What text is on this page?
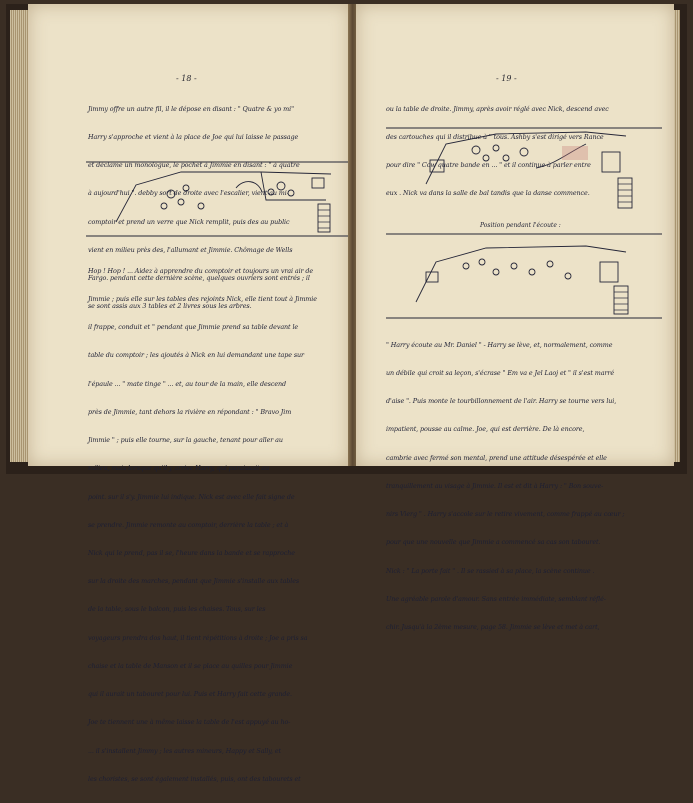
- 18 -

Jimmy offre un autre fil, il le dépose en disant : " Quatre & yo mi"

Harry s'approche et vient à la place de Joe qui lui laisse le passage

et déclame un monologue, le pochet à Jimmie en disant : " à quatre

à aujourd'hui ". debby sort de droite avec l'escalier, vient au mi-

comptoir et prend un verre que Nick remplit, puis des au public

vient en milieu près des, l'allumant et Jimmie. Chômage de Wells

Fargo. pendant cette dernière scène, quelques ouvriers sont entrés ; il

se sont assis aux 3 tables et 2 livres sous les arbres.

Hop ! Hop ! ... Aidez à apprendre du comptoir et toujours un vrai air de

Jimmie ; puis elle sur les tables des rejoints Nick, elle tient tout à Jimmie

il frappe, conduit et " pendant que Jimmie prend sa table devant le

table du comptoir ; les ajoutés à Nick en lui demandant une tape sur

l'épaule ... " mate tinge " ... et, au tour de la main, elle descend

près de Jimmie, tant dehors la rivière en répondant : " Bravo Jim

Jimmie " ; puis elle tourne, sur la gauche, tenant pour aller au

milieu, mais lorsque qu'il y arrive Harry, qui paraissait au

point. sur il s'y. Jimmie lui indique. Nick est avec elle fait signe de

se prendre. Jimmie remonte au comptoir, derrière la table ; et à

Nick qui le prend, pas il se, l'heure dans la bande et se rapproche

sur la droite des marches, pendant que Jimmie s'installe aux tables

de la table, sous le balcon, puis les chaises. Tous, sur les

voyageurs prendra dos haut, il tient répétitions à droite ; Joe a pris sa

chaise et la table de Manson et il se place au quilles pour Jimmie

qui il aurait un tabouret pour lui. Puis et Harry fait cette grande.

Joe te tiennent une à même laisse la table de l'est appuyé au ho-

... il s'installent Jimmy ; les autres mineurs, Happy et Sally, et

les choristes, se sont également installés, puis, ont des tabourets et

- 19 -

ou la table de droite. Jimmy, après avoir réglé avec Nick, descend avec

des cartouches qui il distribue à " tous. Ashby s'est dirigé vers Rance

pour dire " Cow quatre bande en ... " et il continue à parler entre

eux . Nick va dans la salle de bal tandis que la danse commence.

Position pendant l'écoute :

" Harry écoute au Mr. Daniel " - Harry se lève, et, normalement, comme

un débile qui croit sa leçon, s'écrase " Em va e Jel Laoj et " il s'est marré

d'aise ". Puis monte le tourbillonnement de l'air. Harry se tourne vers lui,

impatient, pousse au calme. Joe, qui est derrière. De là encore,

cambrie avec fermé son mental, prend une attitude désespérée et elle

tranquillement au visage à Jimmie. Il est et dit à Harry : " Bon souve-

nirs Vierg " . Harry s'accole sur le retire vivement, comme frappé au cœur ;

pour que une nouvelle que Jimmie a commencé sa cas son tabouret.

Nick : " La porte fait " . Il se rassied à sa place, la scène continue .

Une agréable parole d'amour. Sans entrée immédiate, semblant réflé-

chir. Jusqu'à la 2ème mesure, page 58. Jimmie se lève et met à cart,
